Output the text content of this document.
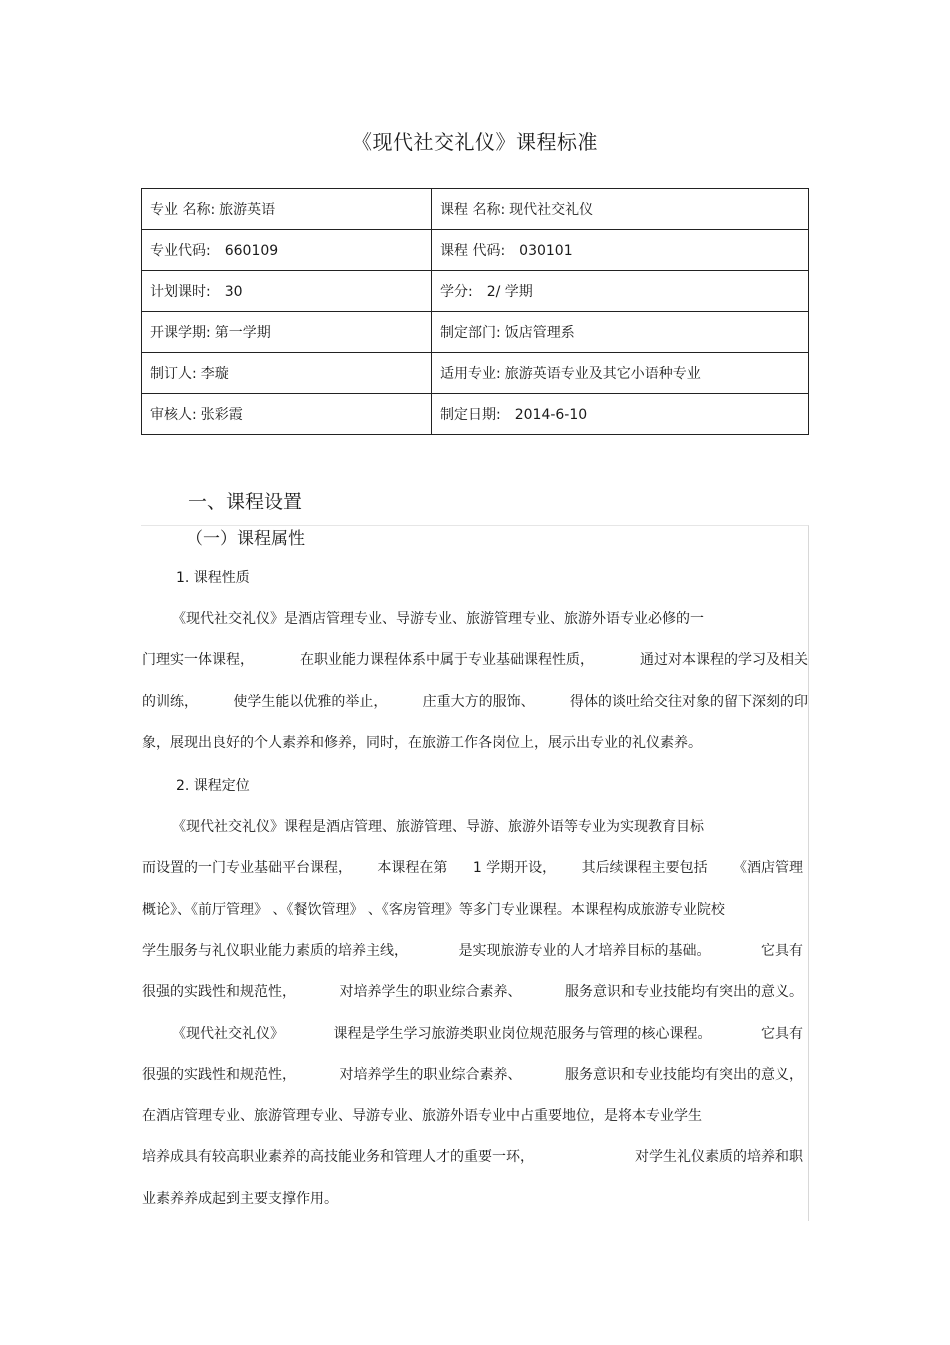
《现代社交礼仪》课程标准
专业 名称: 旅游英语	课程 名称: 现代社交礼仪
专业代码: 660109	课程 代码: 030101
计划课时: 30	学分: 2/ 学期
开课学期: 第一学期	制定部门: 饭店管理系
制订人: 李璇	适用专业: 旅游英语专业及其它小语种专业
审核人: 张彩霞	制定日期: 2014-6-10
一、课程设置
（一）课程属性
1. 课程性质
《现代社交礼仪》是酒店管理专业、导游专业、旅游管理专业、旅游外语专业必修的一
门理实一体课程，	在职业能力课程体系中属于专业基础课程性质，	通过对本课程的学习及相关
的训练，	使学生能以优雅的举止，	庄重大方的服饰、	得体的谈吐给交往对象的留下深刻的印
象，展现出良好的个人素养和修养，同时，在旅游工作各岗位上，展示出专业的礼仪素养。
2. 课程定位
《现代社交礼仪》课程是酒店管理、旅游管理、导游、旅游外语等专业为实现教育目标
而设置的一门专业基础平台课程， 本课程在第 1 学期开设， 其后续课程主要包括 《酒店管理
概论》、《前厅管理》 、《餐饮管理》 、《客房管理》等多门专业课程。本课程构成旅游专业院校
学生服务与礼仪职业能力素质的培养主线，	是实现旅游专业的人才培养目标的基础。	它具有
很强的实践性和规范性，	对培养学生的职业综合素养、	服务意识和专业技能均有突出的意义。
《现代社交礼仪》	课程是学生学习旅游类职业岗位规范服务与管理的核心课程。	它具有
很强的实践性和规范性，	对培养学生的职业综合素养、	服务意识和专业技能均有突出的意义，
在酒店管理专业、旅游管理专业、导游专业、旅游外语专业中占重要地位，是将本专业学生
培养成具有较高职业素养的高技能业务和管理人才的重要一环，	对学生礼仪素质的培养和职
业素养养成起到主要支撑作用。
